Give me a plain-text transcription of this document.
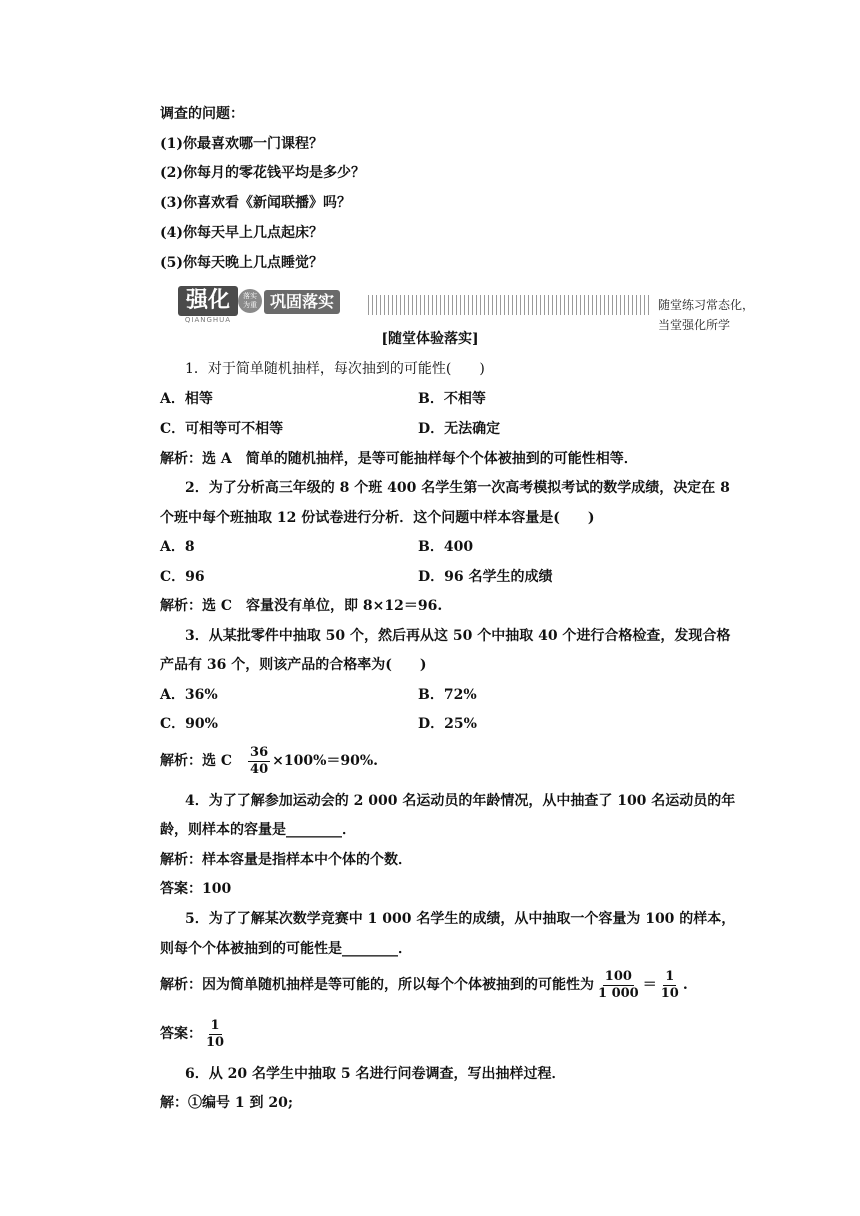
调查的问题：
(1)你最喜欢哪一门课程？
(2)你每月的零花钱平均是多少？
(3)你喜欢看《新闻联播》吗？
(4)你每天早上几点起床？
(5)你每天晚上几点睡觉？
强化
QIANGHUA
落实
为重 巩固落实	随堂练习常态化，当堂强化所学
[随堂体验落实]
1．对于简单随机抽样，每次抽到的可能性(　　)
A．相等	B．不相等
C．可相等可不相等	D．无法确定
解析：选 A　简单的随机抽样，是等可能抽样每个个体被抽到的可能性相等．
2．为了分析高三年级的 8 个班 400 名学生第一次高考模拟考试的数学成绩，决定在 8
个班中每个班抽取 12 份试卷进行分析．这个问题中样本容量是(　　)
A．8	B．400
C．96	D．96 名学生的成绩
解析：选 C　容量没有单位，即 8×12＝96.
3．从某批零件中抽取 50 个，然后再从这 50 个中抽取 40 个进行合格检查，发现合格
产品有 36 个，则该产品的合格率为(　　)
A．36%	B．72%
C．90%	D．25%
解析：选 C　 $\frac{36}{40} \times 100\%=90\%$.
4．为了了解参加运动会的 2 000 名运动员的年龄情况，从中抽查了 100 名运动员的年
龄，则样本的容量是________．
解析：样本容量是指样本中个体的个数．
答案：100
5．为了了解某次数学竞赛中 1 000 名学生的成绩，从中抽取一个容量为 100 的样本，
则每个个体被抽到的可能性是________．
解析：因为简单随机抽样是等可能的，所以每个个体被抽到的可能性为 $\frac{100}{1 000} = \frac{1}{10}$ .
答案： $\frac{1}{10}$
6．从 20 名学生中抽取 5 名进行问卷调查，写出抽样过程．
解：①编号 1 到 20;
